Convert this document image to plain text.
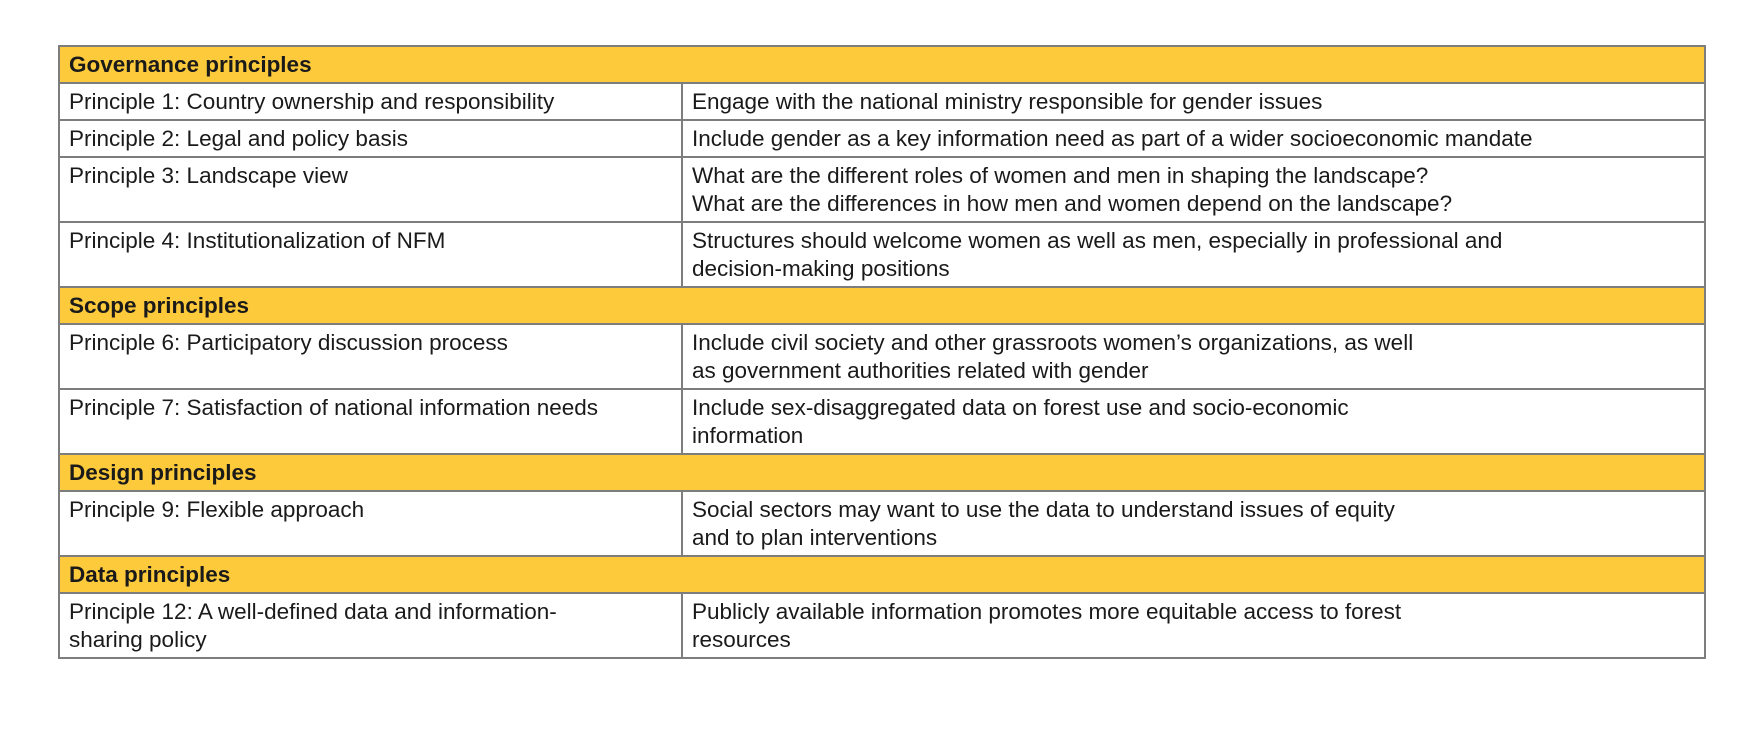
Governance principles	

Principle 1: Country ownership and responsibility	Engage with the national ministry responsible for gender issues

Principle 2: Legal and policy basis	Include gender as a key information need as part of a wider socioeconomic mandate

Principle 3: Landscape view	What are the different roles of women and men in shaping the landscape?
What are the differences in how men and women depend on the landscape?

Principle 4: Institutionalization of NFM	Structures should welcome women as well as men, especially in professional and
decision-making positions

Scope principles	

Principle 6: Participatory discussion process	Include civil society and other grassroots women’s organizations, as well
as government authorities related with gender

Principle 7: Satisfaction of national information needs	Include sex-disaggregated data on forest use and socio-economic
information

Design principles	

Principle 9: Flexible approach	Social sectors may want to use the data to understand issues of equity
and to plan interventions

Data principles	

Principle 12: A well-defined data and information-
sharing policy	Publicly available information promotes more equitable access to forest
resources
